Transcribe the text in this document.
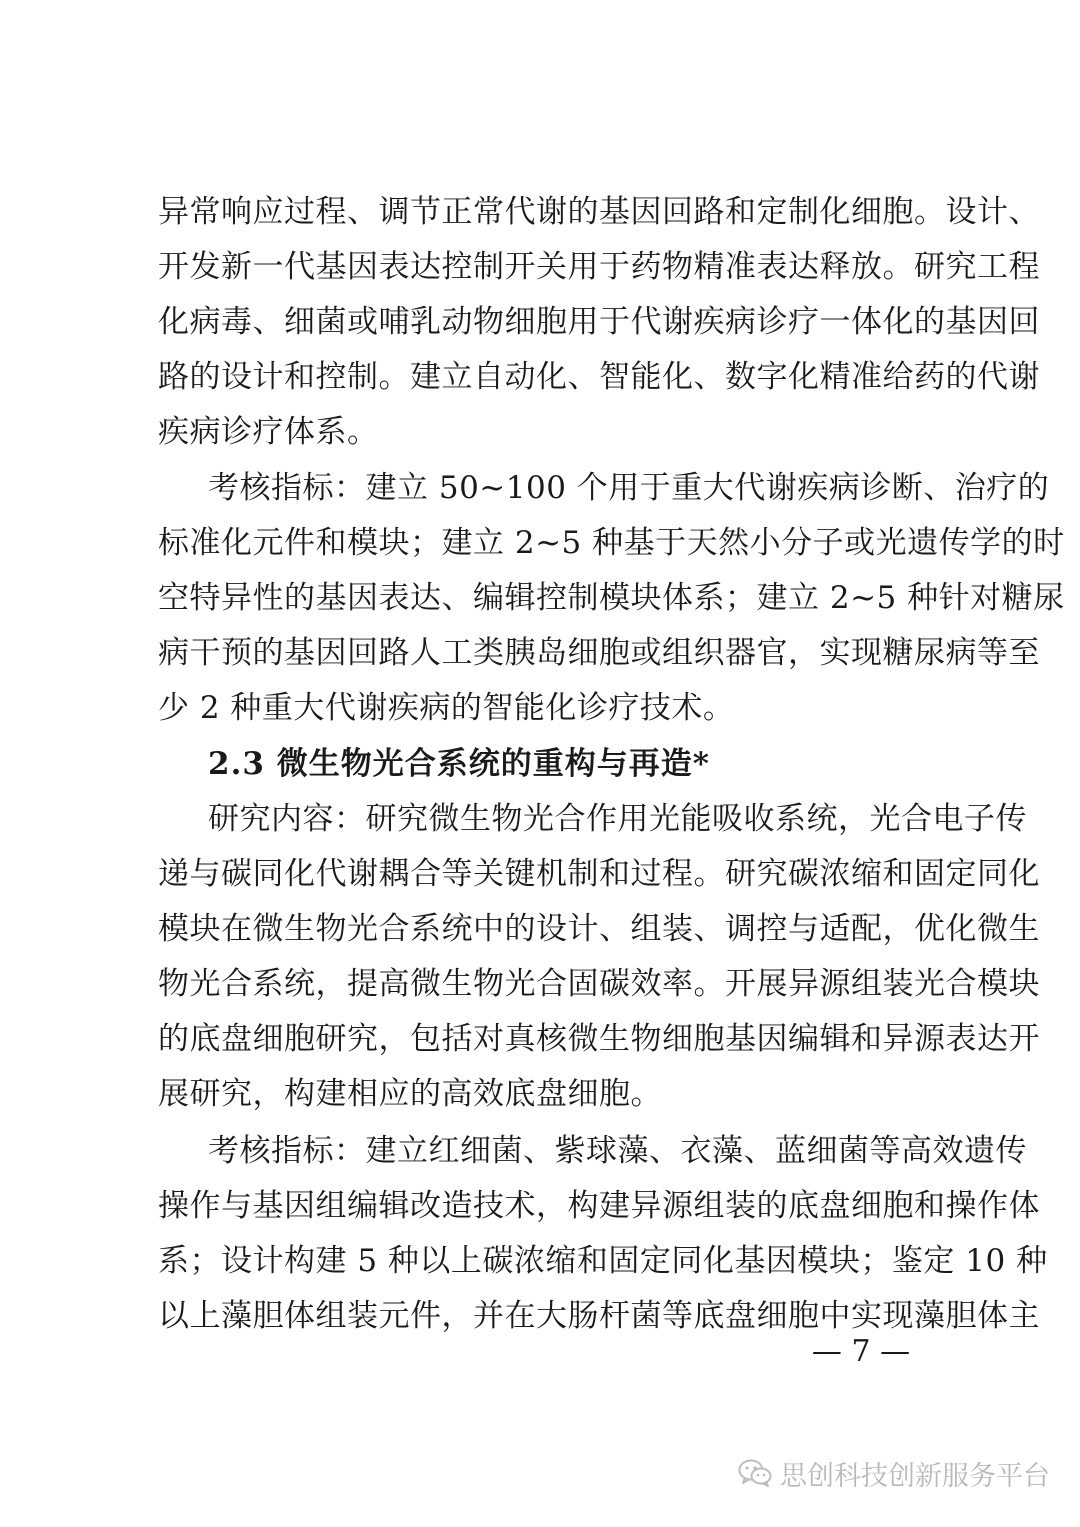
异常响应过程、调节正常代谢的基因回路和定制化细胞。设计、
开发新一代基因表达控制开关用于药物精准表达释放。研究工程
化病毒、细菌或哺乳动物细胞用于代谢疾病诊疗一体化的基因回
路的设计和控制。建立自动化、智能化、数字化精准给药的代谢
疾病诊疗体系。
考核指标：建立 50~100 个用于重大代谢疾病诊断、治疗的
标准化元件和模块；建立 2~5 种基于天然小分子或光遗传学的时
空特异性的基因表达、编辑控制模块体系；建立 2~5 种针对糖尿
病干预的基因回路人工类胰岛细胞或组织器官，实现糖尿病等至
少 2 种重大代谢疾病的智能化诊疗技术。
2.3 微生物光合系统的重构与再造*
研究内容：研究微生物光合作用光能吸收系统，光合电子传
递与碳同化代谢耦合等关键机制和过程。研究碳浓缩和固定同化
模块在微生物光合系统中的设计、组装、调控与适配，优化微生
物光合系统，提高微生物光合固碳效率。开展异源组装光合模块
的底盘细胞研究，包括对真核微生物细胞基因编辑和异源表达开
展研究，构建相应的高效底盘细胞。
考核指标：建立红细菌、紫球藻、衣藻、蓝细菌等高效遗传
操作与基因组编辑改造技术，构建异源组装的底盘细胞和操作体
系；设计构建 5 种以上碳浓缩和固定同化基因模块；鉴定 10 种
以上藻胆体组装元件，并在大肠杆菌等底盘细胞中实现藻胆体主
— 7 —
思创科技创新服务平台
